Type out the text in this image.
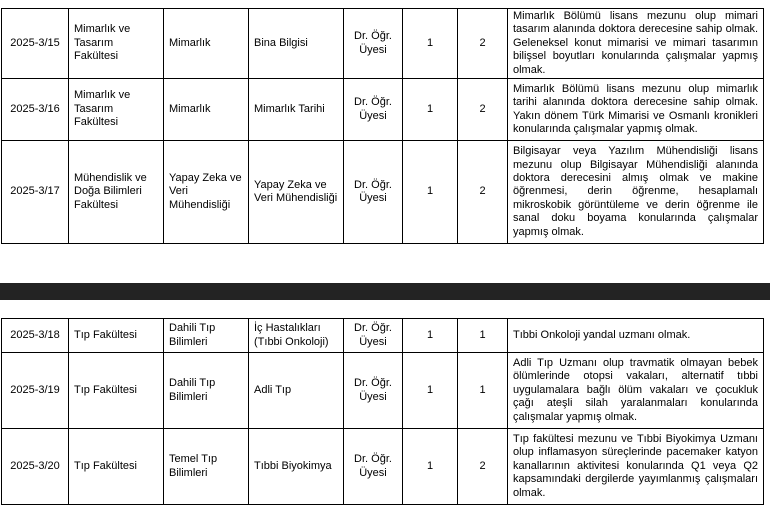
2025-3/15	Mimarlık ve Tasarım Fakültesi	Mimarlık	Bina Bilgisi	Dr. Öğr. Üyesi	1	2	Mimarlık Bölümü lisans mezunu olup mimari tasarım alanında doktora derecesine sahip olmak. Geleneksel konut mimarisi ve mimari tasarımın bilişsel boyutları konularında çalışmalar yapmış olmak.
2025-3/16	Mimarlık ve Tasarım Fakültesi	Mimarlık	Mimarlık Tarihi	Dr. Öğr. Üyesi	1	2	Mimarlık Bölümü lisans mezunu olup mimarlık tarihi alanında doktora derecesine sahip olmak. Yakın dönem Türk Mimarisi ve Osmanlı kronikleri konularında çalışmalar yapmış olmak.
2025-3/17	Mühendislik ve Doğa Bilimleri Fakültesi	Yapay Zeka ve Veri Mühendisliği	Yapay Zeka ve Veri Mühendisliği	Dr. Öğr. Üyesi	1	2	Bilgisayar veya Yazılım Mühendisliği lisans mezunu olup Bilgisayar Mühendisliği alanında doktora derecesini almış olmak ve makine öğrenmesi, derin öğrenme, hesaplamalı mikroskobik görüntüleme ve derin öğrenme ile sanal doku boyama konularında çalışmalar yapmış olmak.
2025-3/18	Tıp Fakültesi	Dahili Tıp Bilimleri	İç Hastalıkları (Tıbbi Onkoloji)	Dr. Öğr. Üyesi	1	1	Tıbbi Onkoloji yandal uzmanı olmak.
2025-3/19	Tıp Fakültesi	Dahili Tıp Bilimleri	Adli Tıp	Dr. Öğr. Üyesi	1	1	Adli Tıp Uzmanı olup travmatik olmayan bebek ölümlerinde otopsi vakaları, alternatif tıbbi uygulamalara bağlı ölüm vakaları ve çocukluk çağı ateşli silah yaralanmaları konularında çalışmalar yapmış olmak.
2025-3/20	Tıp Fakültesi	Temel Tıp Bilimleri	Tıbbi Biyokimya	Dr. Öğr. Üyesi	1	2	Tıp fakültesi mezunu ve Tıbbi Biyokimya Uzmanı olup inflamasyon süreçlerinde pacemaker katyon kanallarının aktivitesi konularında Q1 veya Q2 kapsamındaki dergilerde yayımlanmış çalışmaları olmak.
